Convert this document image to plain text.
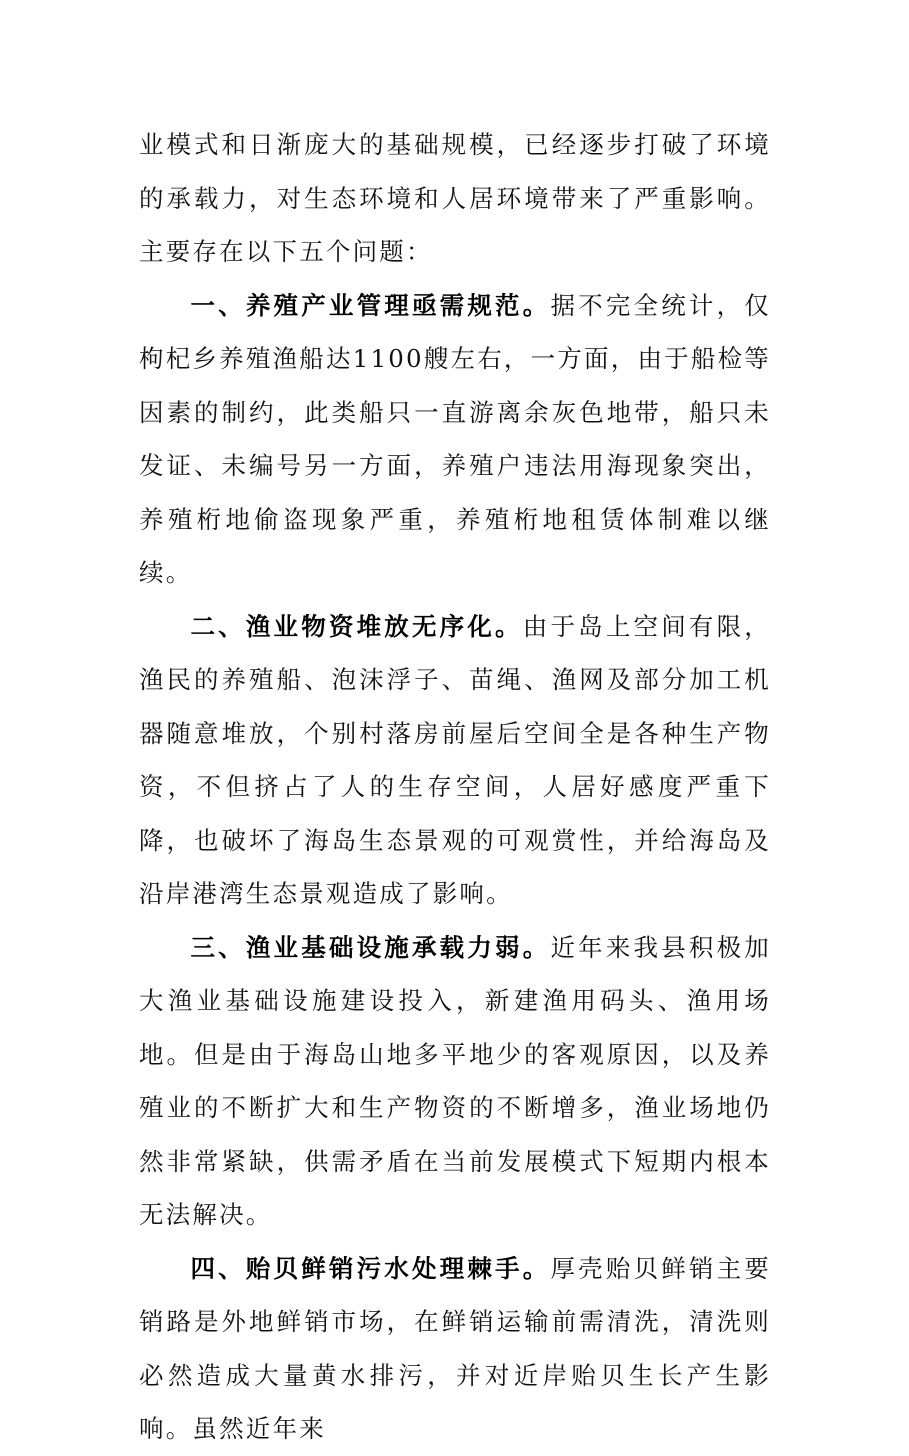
业模式和日渐庞大的基础规模，已经逐步打破了环境的承载力，对生态环境和人居环境带来了严重影响。主要存在以下五个问题：

一、养殖产业管理亟需规范。据不完全统计，仅枸杞乡养殖渔船达1100艘左右，一方面，由于船检等因素的制约，此类船只一直游离余灰色地带，船只未发证、未编号另一方面，养殖户违法用海现象突出，养殖桁地偷盗现象严重，养殖桁地租赁体制难以继续。

二、渔业物资堆放无序化。由于岛上空间有限，渔民的养殖船、泡沫浮子、苗绳、渔网及部分加工机器随意堆放，个别村落房前屋后空间全是各种生产物资，不但挤占了人的生存空间，人居好感度严重下降，也破坏了海岛生态景观的可观赏性，并给海岛及沿岸港湾生态景观造成了影响。

三、渔业基础设施承载力弱。近年来我县积极加大渔业基础设施建设投入，新建渔用码头、渔用场地。但是由于海岛山地多平地少的客观原因，以及养殖业的不断扩大和生产物资的不断增多，渔业场地仍然非常紧缺，供需矛盾在当前发展模式下短期内根本无法解决。

四、贻贝鲜销污水处理棘手。厚壳贻贝鲜销主要销路是外地鲜销市场，在鲜销运输前需清洗，清洗则必然造成大量黄水排污，并对近岸贻贝生长产生影响。虽然近年来
